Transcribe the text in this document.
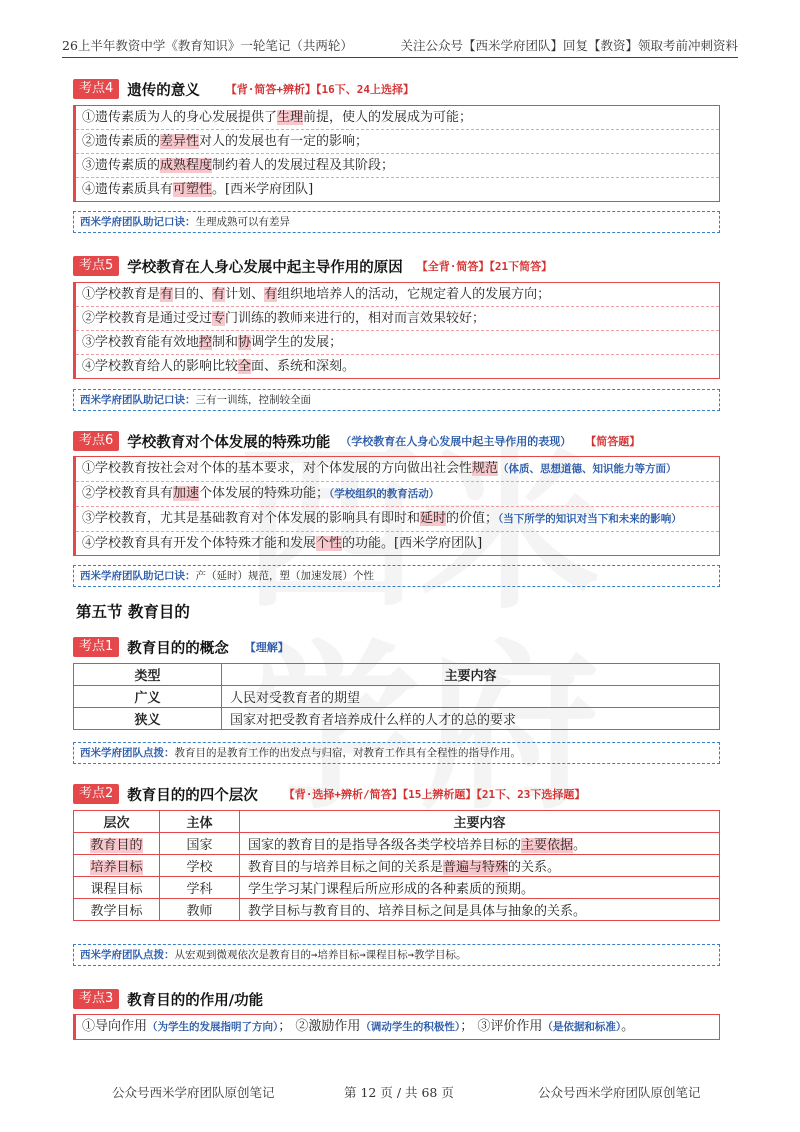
26上半年教资中学《教育知识》一轮笔记（共两轮）	关注公众号【西米学府团队】回复【教资】领取考前冲刺资料
考点4 遗传的意义 【背·简答+辨析】【16下、24上选择】
①遗传素质为人的身心发展提供了生理前提，使人的发展成为可能；
②遗传素质的差异性对人的发展也有一定的影响；
③遗传素质的成熟程度制约着人的发展过程及其阶段；
④遗传素质具有可塑性。[西米学府团队]
西米学府团队助记口诀：生理成熟可以有差异
考点5 学校教育在人身心发展中起主导作用的原因 【全背·简答】【21下简答】
①学校教育是有目的、有计划、有组织地培养人的活动，它规定着人的发展方向；
②学校教育是通过受过专门训练的教师来进行的，相对而言效果较好；
③学校教育能有效地控制和协调学生的发展；
④学校教育给人的影响比较全面、系统和深刻。
西米学府团队助记口诀：三有一训练，控制较全面
考点6 学校教育对个体发展的特殊功能 （学校教育在人身心发展中起主导作用的表现） 【简答题】
①学校教育按社会对个体的基本要求，对个体发展的方向做出社会性规范（体质、思想道德、知识能力等方面）
②学校教育具有加速个体发展的特殊功能；（学校组织的教育活动）
③学校教育，尤其是基础教育对个体发展的影响具有即时和延时的价值；（当下所学的知识对当下和未来的影响）
④学校教育具有开发个体特殊才能和发展个性的功能。[西米学府团队]
西米学府团队助记口诀：产（延时）规范，塑（加速发展）个性
第五节 教育目的
考点1 教育目的的概念 【理解】
类型	主要内容
广义	人民对受教育者的期望
狭义	国家对把受教育者培养成什么样的人才的总的要求
西米学府团队点拨：教育目的是教育工作的出发点与归宿，对教育工作具有全程性的指导作用。
考点2 教育目的的四个层次 【背·选择+辨析/简答】【15上辨析题】【21下、23下选择题】
层次	主体	主要内容
教育目的	国家	国家的教育目的是指导各级各类学校培养目标的主要依据。
培养目标	学校	教育目的与培养目标之间的关系是普遍与特殊的关系。
课程目标	学科	学生学习某门课程后所应形成的各种素质的预期。
教学目标	教师	教学目标与教育目的、培养目标之间是具体与抽象的关系。
西米学府团队点拨：从宏观到微观依次是教育目的→培养目标→课程目标→教学目标。
考点3 教育目的的作用/功能
①导向作用（为学生的发展指明了方向）； ②激励作用（调动学生的积极性）； ③评价作用（是依据和标准）。
公众号西米学府团队原创笔记	第 12 页 / 共 68 页	公众号西米学府团队原创笔记
